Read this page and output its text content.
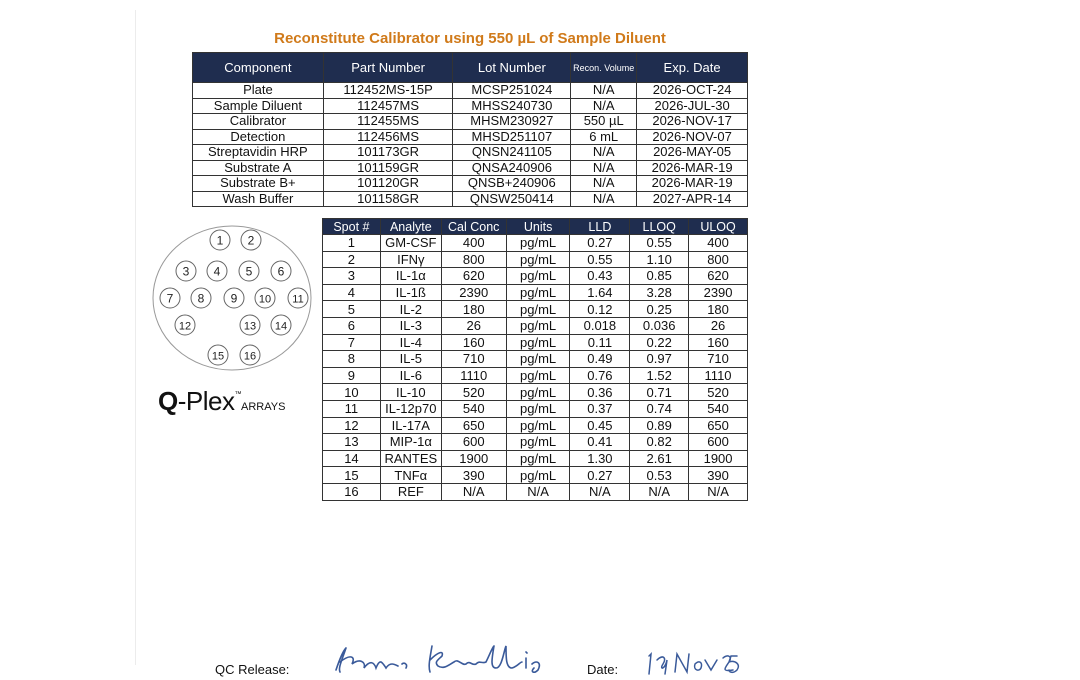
Reconstitute Calibrator using 550 µL of Sample Diluent
Component	Part Number	Lot Number	Recon. Volume	Exp. Date
Plate	112452MS-15P	MCSP251024	N/A	2026-OCT-24
Sample Diluent	112457MS	MHSS240730	N/A	2026-JUL-30
Calibrator	112455MS	MHSM230927	550 µL	2026-NOV-17
Detection	112456MS	MHSD251107	6 mL	2026-NOV-07
Streptavidin HRP	101173GR	QNSN241105	N/A	2026-MAY-05
Substrate A	101159GR	QNSA240906	N/A	2026-MAR-19
Substrate B+	101120GR	QNSB+240906	N/A	2026-MAR-19
Wash Buffer	101158GR	QNSW250414	N/A	2027-APR-14
Spot #	Analyte	Cal Conc	Units	LLD	LLOQ	ULOQ
1	GM-CSF	400	pg/mL	0.27	0.55	400
2	IFNγ	800	pg/mL	0.55	1.10	800
3	IL-1α	620	pg/mL	0.43	0.85	620
4	IL-1ß	2390	pg/mL	1.64	3.28	2390
5	IL-2	180	pg/mL	0.12	0.25	180
6	IL-3	26	pg/mL	0.018	0.036	26
7	IL-4	160	pg/mL	0.11	0.22	160
8	IL-5	710	pg/mL	0.49	0.97	710
9	IL-6	1110	pg/mL	0.76	1.52	1110
10	IL-10	520	pg/mL	0.36	0.71	520
11	IL-12p70	540	pg/mL	0.37	0.74	540
12	IL-17A	650	pg/mL	0.45	0.89	650
13	MIP-1α	600	pg/mL	0.41	0.82	600
14	RANTES	1900	pg/mL	1.30	2.61	1900
15	TNFα	390	pg/mL	0.27	0.53	390
16	REF	N/A	N/A	N/A	N/A	N/A
1 2
3 4 5 6
7 8 9 10 11
12	13 14
15 16
Q-Plex™ARRAYS
QC Release:	Date:
